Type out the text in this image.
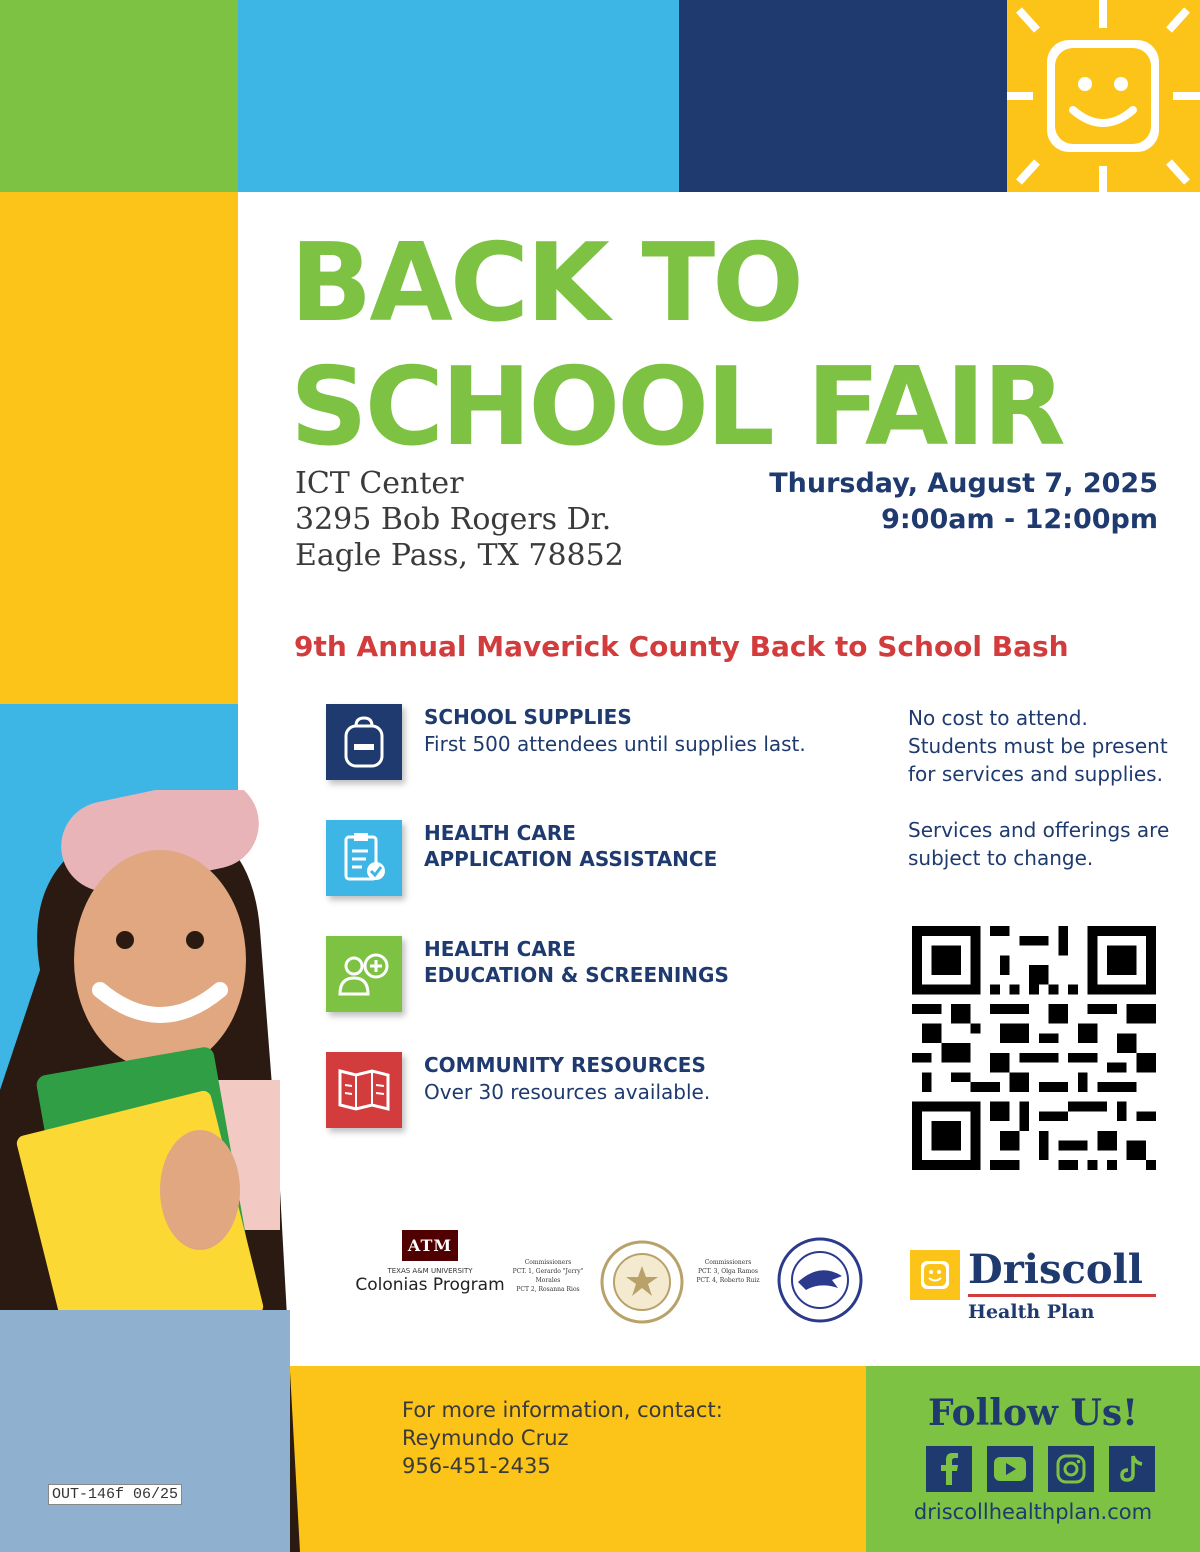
BACK TO
SCHOOL FAIR
ICT Center
3295 Bob Rogers Dr.
Eagle Pass, TX 78852
Thursday, August 7, 2025
9:00am - 12:00pm
9th Annual Maverick County Back to School Bash
SCHOOL SUPPLIES
First 500 attendees until supplies last.
HEALTH CARE
APPLICATION ASSISTANCE
HEALTH CARE
EDUCATION & SCREENINGS
COMMUNITY RESOURCES
Over 30 resources available.

No cost to attend. Students must be present for services and supplies.

Services and offerings are subject to change.

ATM
TEXAS A&M UNIVERSITY
Colonias Program
Commissioners
PCT. 1, Gerardo "Jerry" Morales
PCT 2, Rosanna Rios
Commissioners
PCT. 3, Olga Ramos
PCT. 4, Roberto Ruiz	Driscoll
Health Plan
For more information, contact:
Reymundo Cruz
956-451-2435
Follow Us!
driscollhealthplan.com
OUT-146f 06/25
